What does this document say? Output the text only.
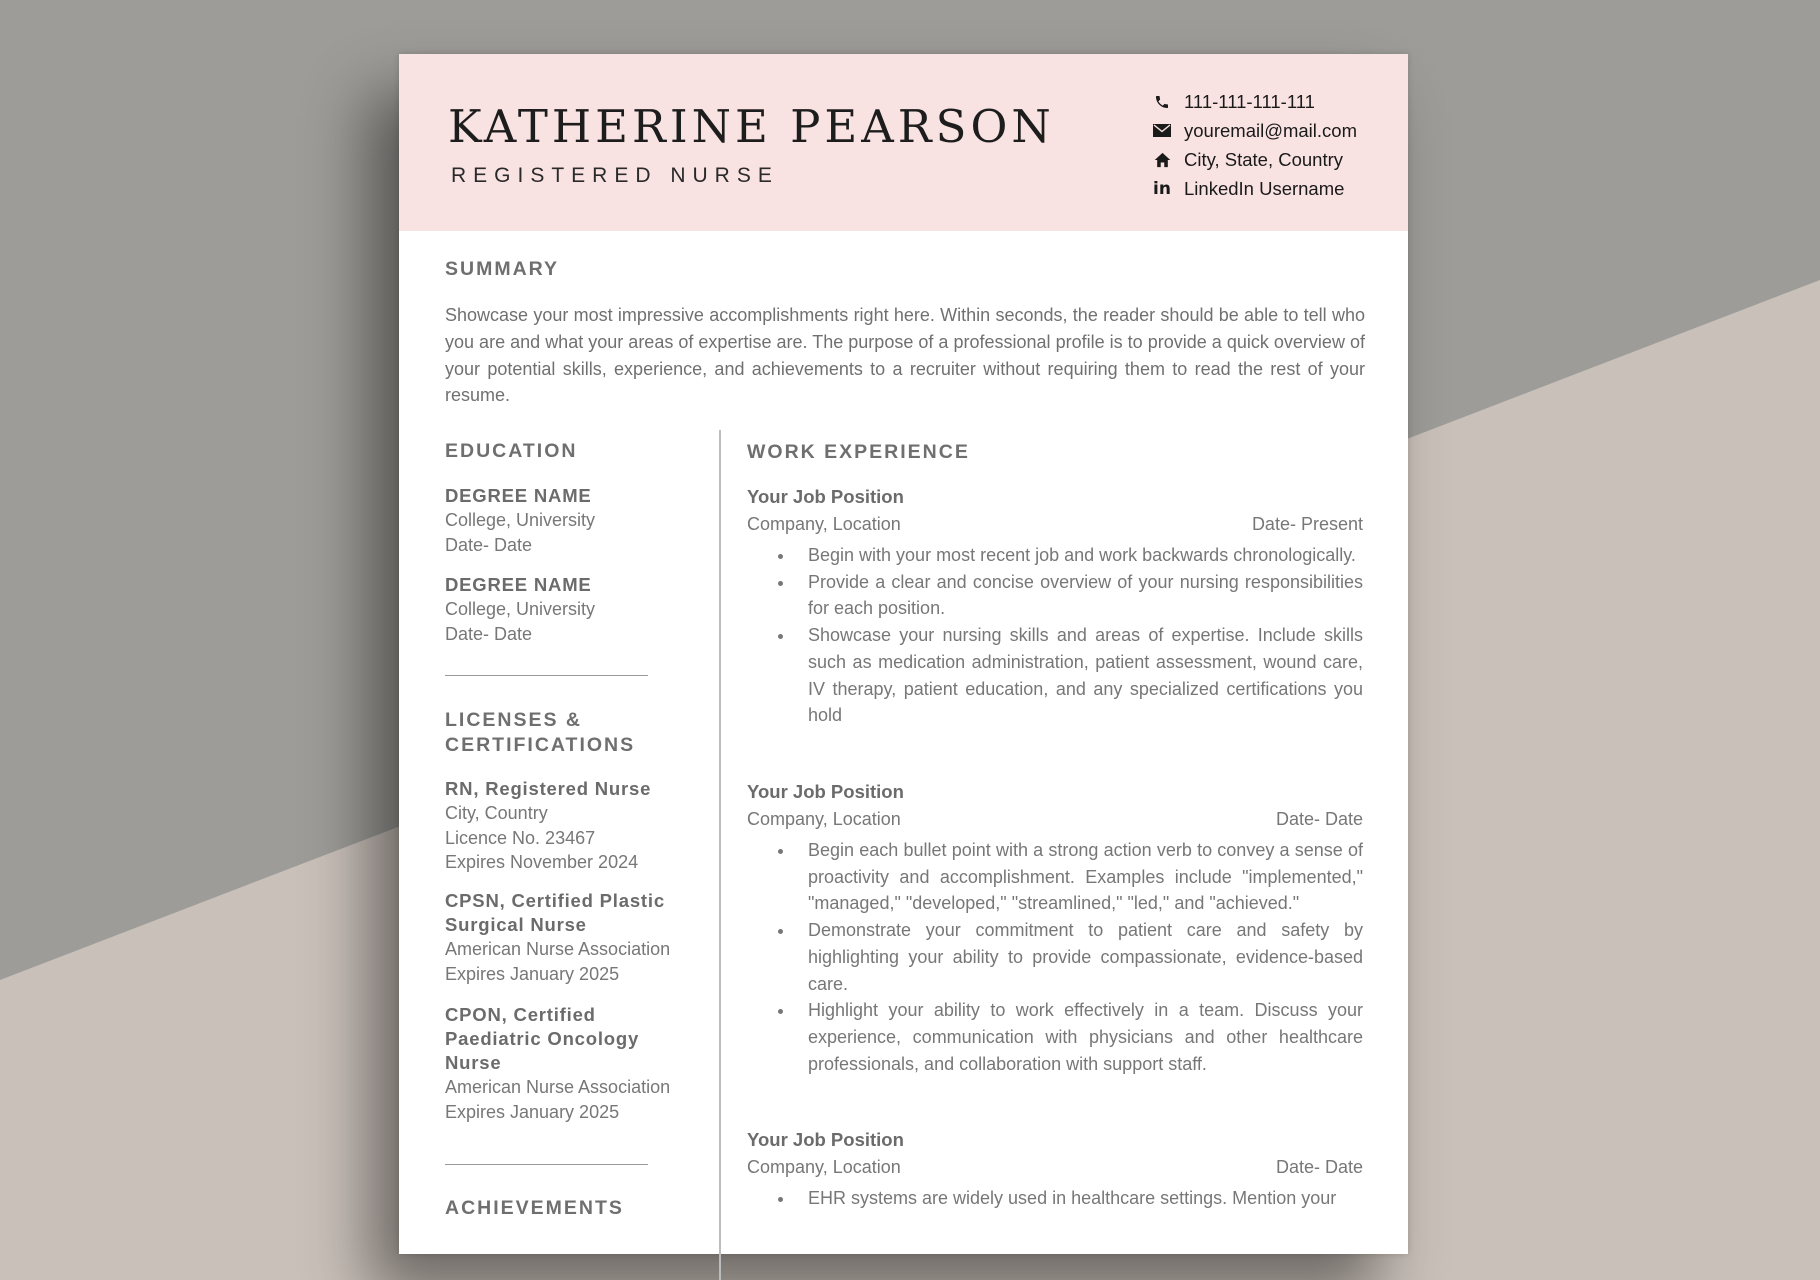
KATHERINE PEARSON
REGISTERED NURSE
111-111-111-111
youremail@mail.com
City, State, Country
in LinkedIn Username
SUMMARY

Showcase your most impressive accomplishments right here. Within seconds, the reader should be able to tell who you are and what your areas of expertise are. The purpose of a professional profile is to provide a quick overview of your potential skills, experience, and achievements to a recruiter without requiring them to read the rest of your resume.

EDUCATION
DEGREE NAME
College, University
Date- Date
DEGREE NAME
College, University
Date- Date
LICENSES &
CERTIFICATIONS
RN, Registered Nurse
City, Country
Licence No. 23467
Expires November 2024
CPSN, Certified Plastic
Surgical Nurse
American Nurse Association
Expires January 2025
CPON, Certified
Paediatric Oncology
Nurse
American Nurse Association
Expires January 2025
ACHIEVEMENTS
WORK EXPERIENCE
Your Job Position
Company, Location	Date- Present
Begin with your most recent job and work backwards chronologically.
Provide a clear and concise overview of your nursing responsibilities for each position.
Showcase your nursing skills and areas of expertise. Include skills such as medication administration, patient assessment, wound care, IV therapy, patient education, and any specialized certifications you hold
Your Job Position
Company, Location	Date- Date
Begin each bullet point with a strong action verb to convey a sense of proactivity and accomplishment. Examples include "implemented," "managed," "developed," "streamlined," "led," and "achieved."
Demonstrate your commitment to patient care and safety by highlighting your ability to provide compassionate, evidence-based care.
Highlight your ability to work effectively in a team. Discuss your experience, communication with physicians and other healthcare professionals, and collaboration with support staff.
Your Job Position
Company, Location	Date- Date
EHR systems are widely used in healthcare settings. Mention your
